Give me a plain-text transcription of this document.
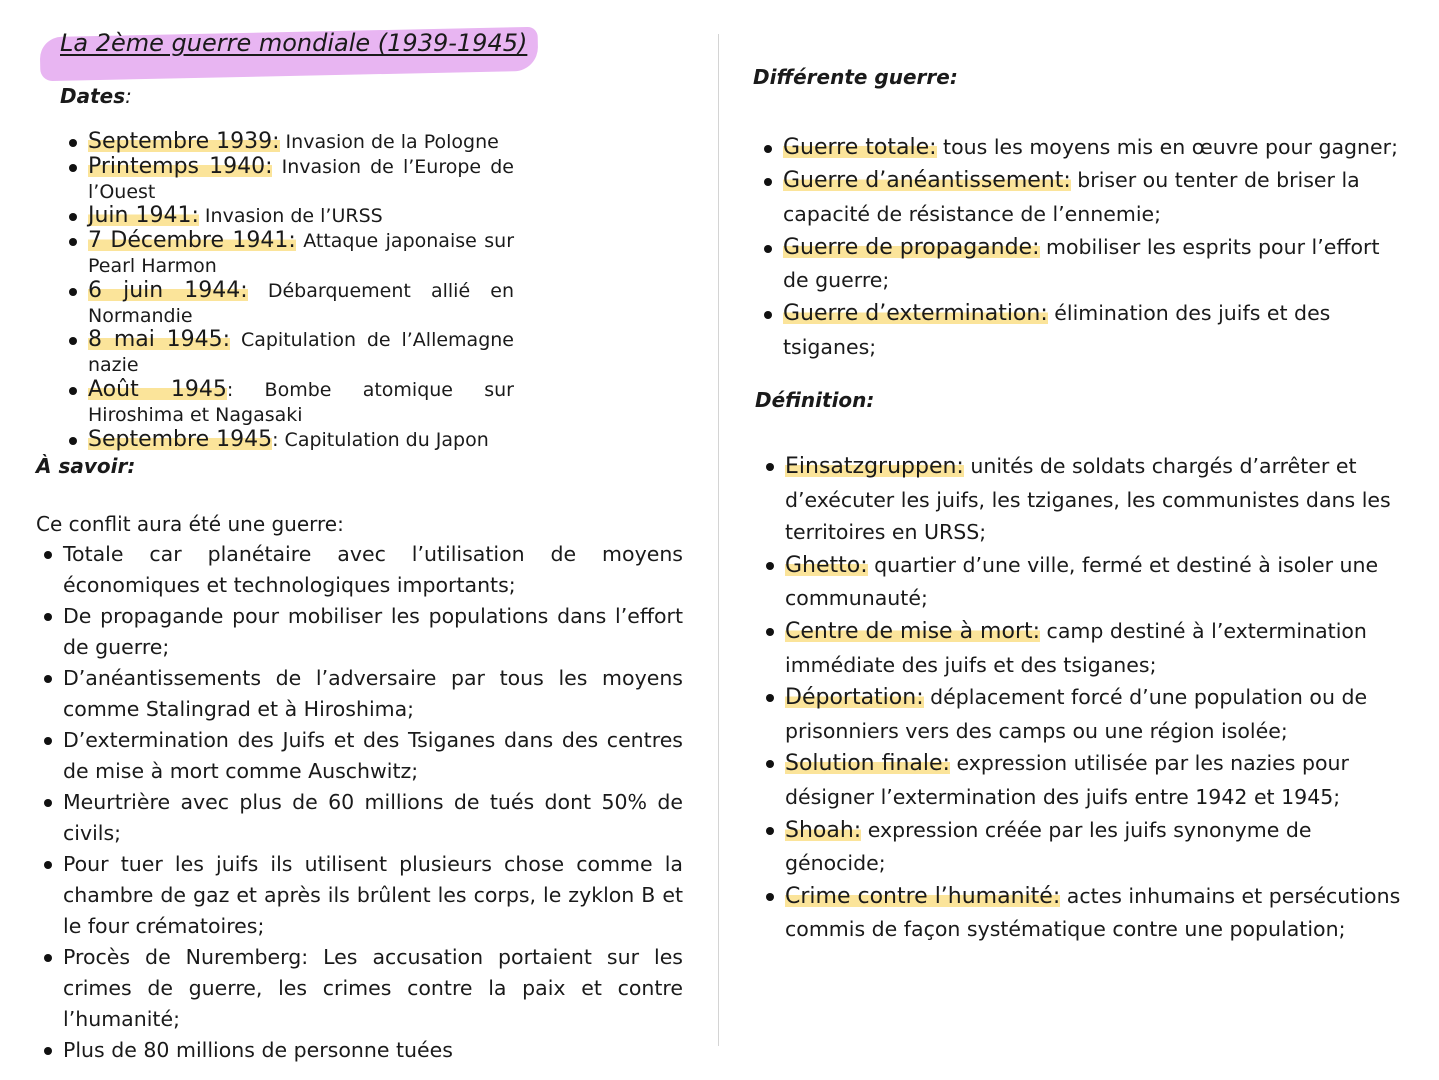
La 2ème guerre mondiale (1939-1945)
Dates:
Septembre 1939: Invasion de la Pologne
Printemps 1940: Invasion de l’Europe de l’Ouest
Juin 1941: Invasion de l’URSS
7 Décembre 1941: Attaque japonaise sur Pearl Harmon
6 juin 1944: Débarquement allié en Normandie
8 mai 1945: Capitulation de l’Allemagne nazie
Août 1945: Bombe atomique sur Hiroshima et Nagasaki
Septembre 1945: Capitulation du Japon
À savoir:

Ce conflit aura été une guerre:

Totale car planétaire avec l’utilisation de moyens économiques et technologiques importants;
De propagande pour mobiliser les populations dans l’effort de guerre;
D’anéantissements de l’adversaire par tous les moyens comme Stalingrad et à Hiroshima;
D’extermination des Juifs et des Tsiganes dans des centres de mise à mort comme Auschwitz;
Meurtrière avec plus de 60 millions de tués dont 50% de civils;
Pour tuer les juifs ils utilisent plusieurs chose comme la chambre de gaz et après ils brûlent les corps, le zyklon B et le four crématoires;
Procès de Nuremberg: Les accusation portaient sur les crimes de guerre, les crimes contre la paix et contre l’humanité;
Plus de 80 millions de personne tuées
Différente guerre:
Guerre totale: tous les moyens mis en œuvre pour gagner;
Guerre d’anéantissement: briser ou tenter de briser la capacité de résistance de l’ennemie;
Guerre de propagande: mobiliser les esprits pour l’effort de guerre;
Guerre d’extermination: élimination des juifs et des tsiganes;
Définition:
Einsatzgruppen: unités de soldats chargés d’arrêter et d’exécuter les juifs, les tziganes, les communistes dans les territoires en URSS;
Ghetto: quartier d’une ville, fermé et destiné à isoler une communauté;
Centre de mise à mort: camp destiné à l’extermination immédiate des juifs et des tsiganes;
Déportation: déplacement forcé d’une population ou de prisonniers vers des camps ou une région isolée;
Solution finale: expression utilisée par les nazies pour désigner l’extermination des juifs entre 1942 et 1945;
Shoah: expression créée par les juifs synonyme de génocide;
Crime contre l’humanité: actes inhumains et persécutions commis de façon systématique contre une population;
